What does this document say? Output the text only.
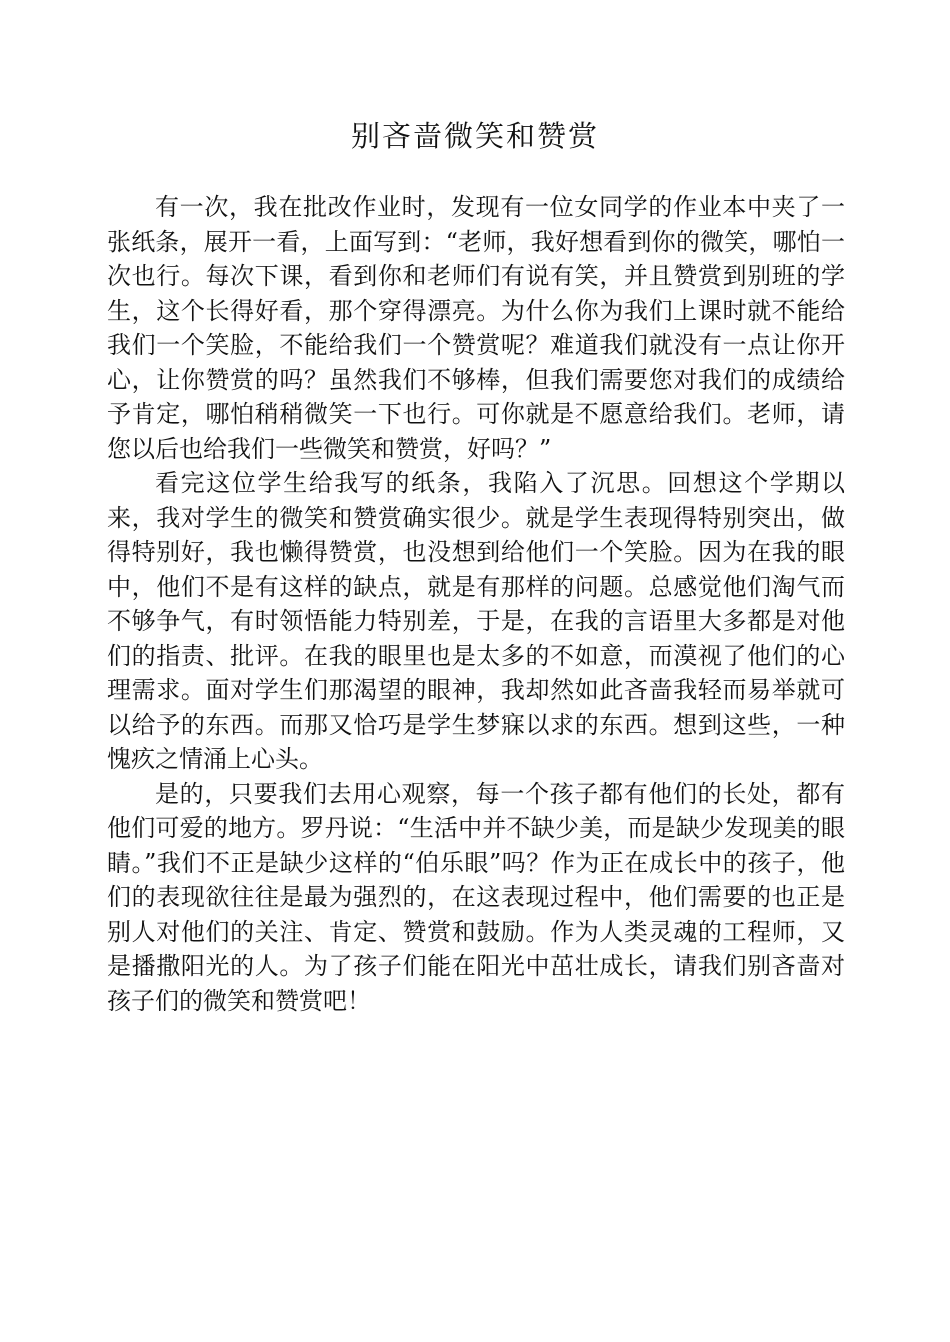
别吝啬微笑和赞赏

有一次，我在批改作业时，发现有一位女同学的作业本中夹了一张纸条，展开一看，上面写到：“老师，我好想看到你的微笑，哪怕一次也行。每次下课，看到你和老师们有说有笑，并且赞赏到别班的学生，这个长得好看，那个穿得漂亮。为什么你为我们上课时就不能给我们一个笑脸，不能给我们一个赞赏呢？难道我们就没有一点让你开心，让你赞赏的吗？虽然我们不够棒，但我们需要您对我们的成绩给予肯定，哪怕稍稍微笑一下也行。可你就是不愿意给我们。老师，请您以后也给我们一些微笑和赞赏，好吗？”

看完这位学生给我写的纸条，我陷入了沉思。回想这个学期以来，我对学生的微笑和赞赏确实很少。就是学生表现得特别突出，做得特别好，我也懒得赞赏，也没想到给他们一个笑脸。因为在我的眼中，他们不是有这样的缺点，就是有那样的问题。总感觉他们淘气而不够争气，有时领悟能力特别差，于是，在我的言语里大多都是对他们的指责、批评。在我的眼里也是太多的不如意，而漠视了他们的心理需求。面对学生们那渴望的眼神，我却然如此吝啬我轻而易举就可以给予的东西。而那又恰巧是学生梦寐以求的东西。想到这些，一种愧疚之情涌上心头。

是的，只要我们去用心观察，每一个孩子都有他们的长处，都有他们可爱的地方。罗丹说：“生活中并不缺少美，而是缺少发现美的眼睛。”我们不正是缺少这样的“伯乐眼”吗？作为正在成长中的孩子，他们的表现欲往往是最为强烈的，在这表现过程中，他们需要的也正是别人对他们的关注、肯定、赞赏和鼓励。作为人类灵魂的工程师，又是播撒阳光的人。为了孩子们能在阳光中茁壮成长，请我们别吝啬对孩子们的微笑和赞赏吧！
